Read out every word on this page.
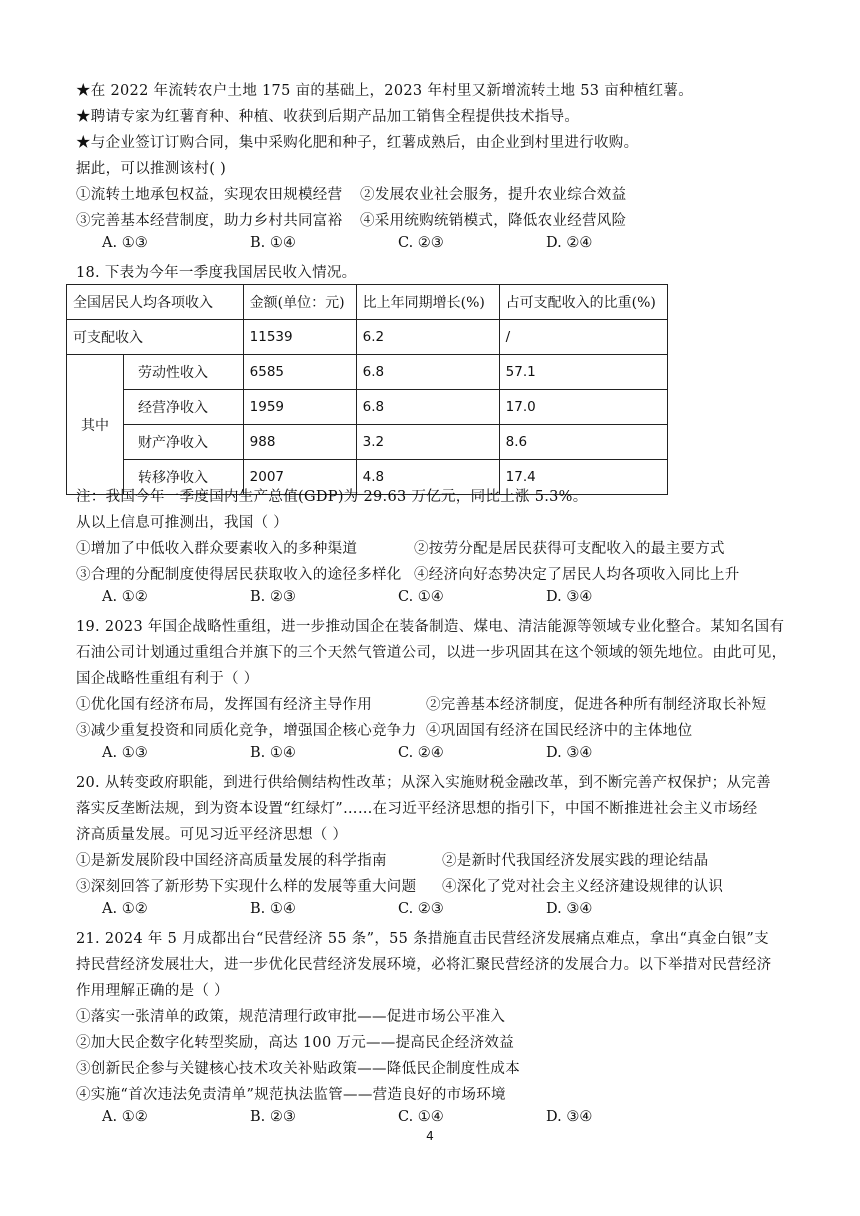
★在 2022 年流转农户土地 175 亩的基础上，2023 年村里又新增流转土地 53 亩种植红薯。
★聘请专家为红薯育种、种植、收获到后期产品加工销售全程提供技术指导。
★与企业签订订购合同，集中采购化肥和种子，红薯成熟后，由企业到村里进行收购。
据此，可以推测该村( )
①流转土地承包权益，实现农田规模经营 ②发展农业社会服务，提升农业综合效益
③完善基本经营制度，助力乡村共同富裕 ④采用统购统销模式，降低农业经营风险
A. ①③	B. ①④	C. ②③	D. ②④
18. 下表为今年一季度我国居民收入情况。
全国居民人均各项收入		金额(单位：元)	比上年同期增长(%)	占可支配收入的比重(%)
可支配收入		11539	6.2	/
其中	劳动性收入	6585	6.8	57.1
	经营净收入	1959	6.8	17.0
	财产净收入	988	3.2	8.6
	转移净收入	2007	4.8	17.4
注：我国今年一季度国内生产总值(GDP)为 29.63 万亿元，同比上涨 5.3%。
从以上信息可推测出，我国（ ）
①增加了中低收入群众要素收入的多种渠道	②按劳分配是居民获得可支配收入的最主要方式
③合理的分配制度使得居民获取收入的途径多样化 ④经济向好态势决定了居民人均各项收入同比上升
A. ①②	B. ②③	C. ①④	D. ③④
19. 2023 年国企战略性重组，进一步推动国企在装备制造、煤电、清洁能源等领域专业化整合。某知名国有
石油公司计划通过重组合并旗下的三个天然气管道公司，以进一步巩固其在这个领域的领先地位。由此可见，
国企战略性重组有利于（ ）
①优化国有经济布局，发挥国有经济主导作用	②完善基本经济制度，促进各种所有制经济取长补短
③减少重复投资和同质化竞争，增强国企核心竞争力 ④巩固国有经济在国民经济中的主体地位
A. ①③	B. ①④	C. ②④	D. ③④
20. 从转变政府职能，到进行供给侧结构性改革；从深入实施财税金融改革，到不断完善产权保护；从完善
落实反垄断法规，到为资本设置“红绿灯”……在习近平经济思想的指引下，中国不断推进社会主义市场经
济高质量发展。可见习近平经济思想（ ）
①是新发展阶段中国经济高质量发展的科学指南	②是新时代我国经济发展实践的理论结晶
③深刻回答了新形势下实现什么样的发展等重大问题 ④深化了党对社会主义经济建设规律的认识
A. ①②	B. ①④	C. ②③	D. ③④
21. 2024 年 5 月成都出台“民营经济 55 条”，55 条措施直击民营经济发展痛点难点，拿出“真金白银”支
持民营经济发展壮大，进一步优化民营经济发展环境，必将汇聚民营经济的发展合力。以下举措对民营经济
作用理解正确的是（ ）
①落实一张清单的政策，规范清理行政审批——促进市场公平准入
②加大民企数字化转型奖励，高达 100 万元——提高民企经济效益
③创新民企参与关键核心技术攻关补贴政策——降低民企制度性成本
④实施“首次违法免责清单”规范执法监管——营造良好的市场环境
A. ①②	B. ②③	C. ①④	D. ③④
4
